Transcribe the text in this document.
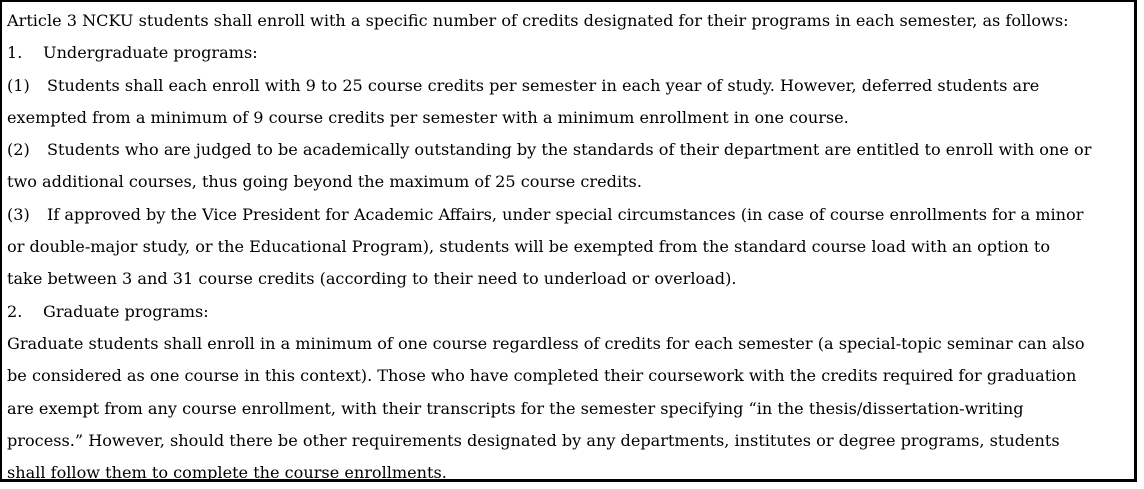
Article 3 NCKU students shall enroll with a specific number of credits designated for their programs in each semester, as follows:
1. Undergraduate programs:
(1) Students shall each enroll with 9 to 25 course credits per semester in each year of study. However, deferred students are
exempted from a minimum of 9 course credits per semester with a minimum enrollment in one course.
(2) Students who are judged to be academically outstanding by the standards of their department are entitled to enroll with one or
two additional courses, thus going beyond the maximum of 25 course credits.
(3) If approved by the Vice President for Academic Affairs, under special circumstances (in case of course enrollments for a minor
or double-major study, or the Educational Program), students will be exempted from the standard course load with an option to
take between 3 and 31 course credits (according to their need to underload or overload).
2. Graduate programs:
Graduate students shall enroll in a minimum of one course regardless of credits for each semester (a special-topic seminar can also
be considered as one course in this context). Those who have completed their coursework with the credits required for graduation
are exempt from any course enrollment, with their transcripts for the semester specifying “in the thesis/dissertation-writing
process.” However, should there be other requirements designated by any departments, institutes or degree programs, students
shall follow them to complete the course enrollments.
